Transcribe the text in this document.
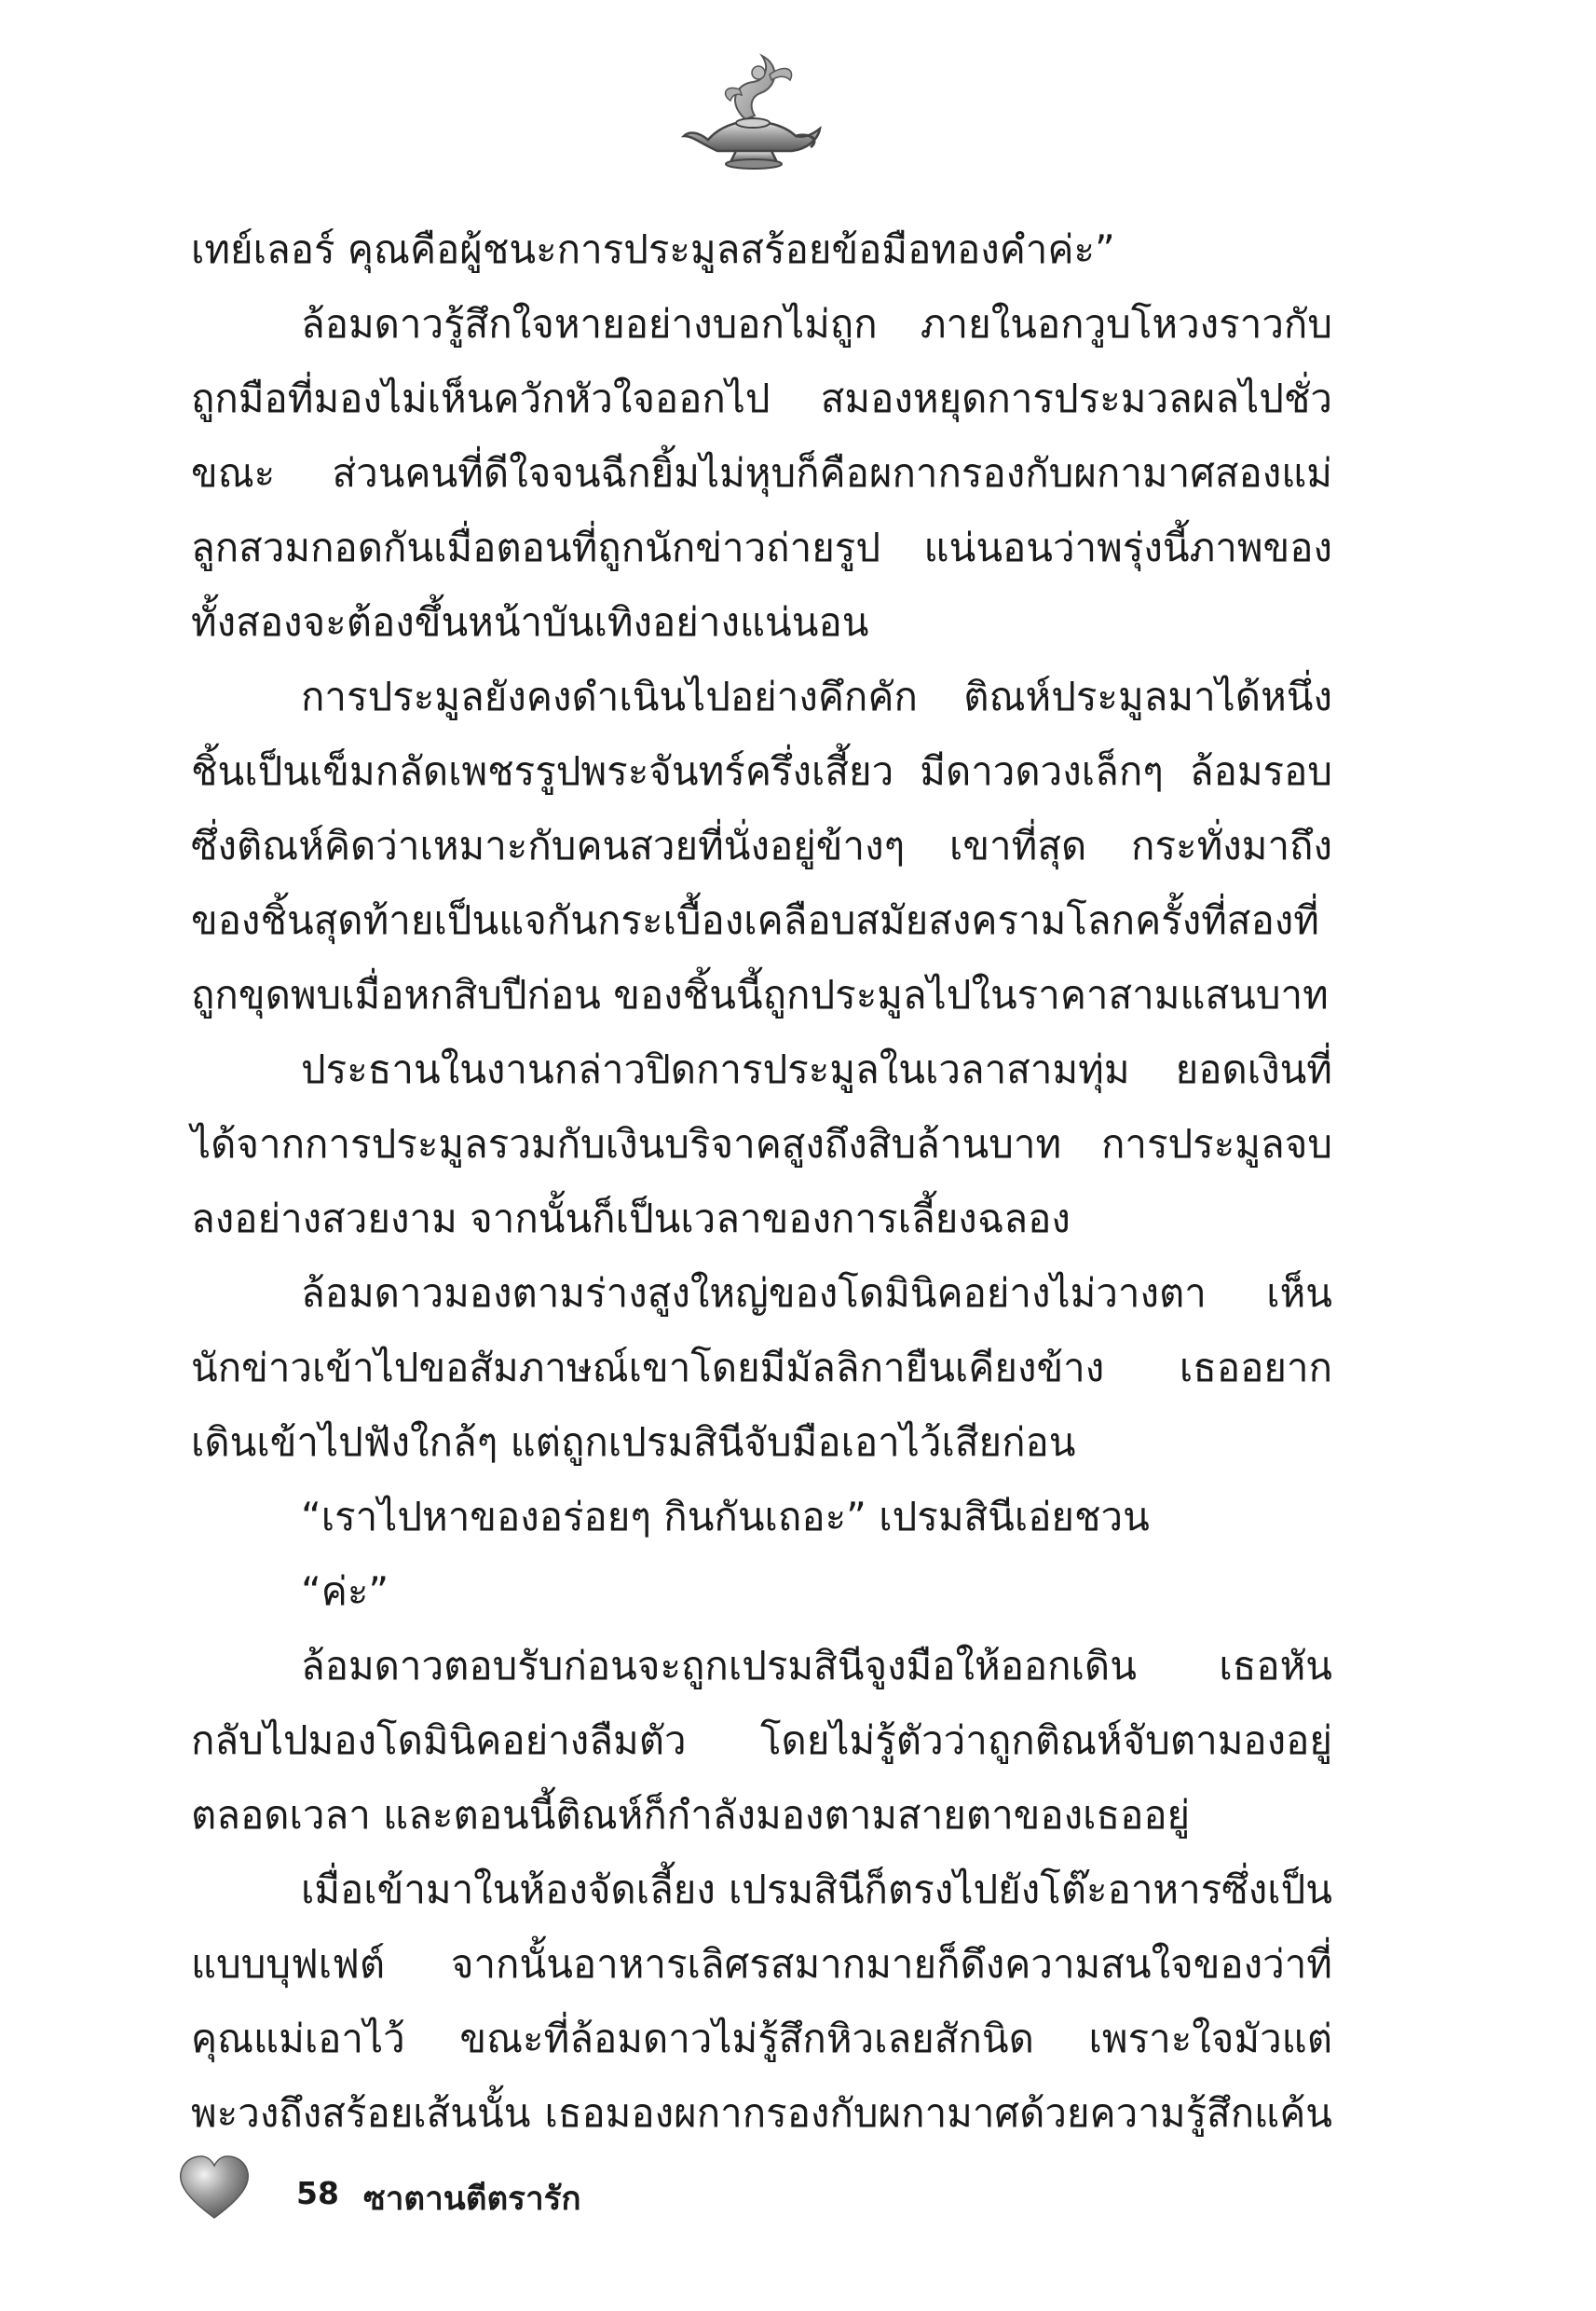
เทย์เลอร์ คุณคือผู้ชนะการประมูลสร้อยข้อมือทองคำค่ะ”

ล้อมดาวรู้สึกใจหายอย่างบอกไม่ถูก ภายในอกวูบโหวงราวกับถูกมือที่มองไม่เห็นควักหัวใจออกไป สมองหยุดการประมวลผลไปชั่วขณะ ส่วนคนที่ดีใจจนฉีกยิ้มไม่หุบก็คือผกากรองกับผกามาศสองแม่ลูกสวมกอดกันเมื่อตอนที่ถูกนักข่าวถ่ายรูป แน่นอนว่าพรุ่งนี้ภาพของทั้งสองจะต้องขึ้นหน้าบันเทิงอย่างแน่นอน

การประมูลยังคงดำเนินไปอย่างคึกคัก ติณห์ประมูลมาได้หนึ่งชิ้นเป็นเข็มกลัดเพชรรูปพระจันทร์ครึ่งเสี้ยว มีดาวดวงเล็กๆ ล้อมรอบซึ่งติณห์คิดว่าเหมาะกับคนสวยที่นั่งอยู่ข้างๆ เขาที่สุด กระทั่งมาถึงของชิ้นสุดท้ายเป็นแจกันกระเบื้องเคลือบสมัยสงครามโลกครั้งที่สองที่ถูกขุดพบเมื่อหกสิบปีก่อน ของชิ้นนี้ถูกประมูลไปในราคาสามแสนบาท

ประธานในงานกล่าวปิดการประมูลในเวลาสามทุ่ม ยอดเงินที่ได้จากการประมูลรวมกับเงินบริจาคสูงถึงสิบล้านบาท การประมูลจบลงอย่างสวยงาม จากนั้นก็เป็นเวลาของการเลี้ยงฉลอง

ล้อมดาวมองตามร่างสูงใหญ่ของโดมินิคอย่างไม่วางตา เห็นนักข่าวเข้าไปขอสัมภาษณ์เขาโดยมีมัลลิกายืนเคียงข้าง เธออยากเดินเข้าไปฟังใกล้ๆ แต่ถูกเปรมสินีจับมือเอาไว้เสียก่อน

“เราไปหาของอร่อยๆ กินกันเถอะ” เปรมสินีเอ่ยชวน

“ค่ะ”

ล้อมดาวตอบรับก่อนจะถูกเปรมสินีจูงมือให้ออกเดิน เธอหันกลับไปมองโดมินิคอย่างลืมตัว โดยไม่รู้ตัวว่าถูกติณห์จับตามองอยู่ตลอดเวลา และตอนนี้ติณห์ก็กำลังมองตามสายตาของเธออยู่

เมื่อเข้ามาในห้องจัดเลี้ยง เปรมสินีก็ตรงไปยังโต๊ะอาหารซึ่งเป็นแบบบุฟเฟต์ จากนั้นอาหารเลิศรสมากมายก็ดึงความสนใจของว่าที่คุณแม่เอาไว้ ขณะที่ล้อมดาวไม่รู้สึกหิวเลยสักนิด เพราะใจมัวแต่พะวงถึงสร้อยเส้นนั้น เธอมองผกากรองกับผกามาศด้วยความรู้สึกแค้น

58 ซาตานตีตรารัก
